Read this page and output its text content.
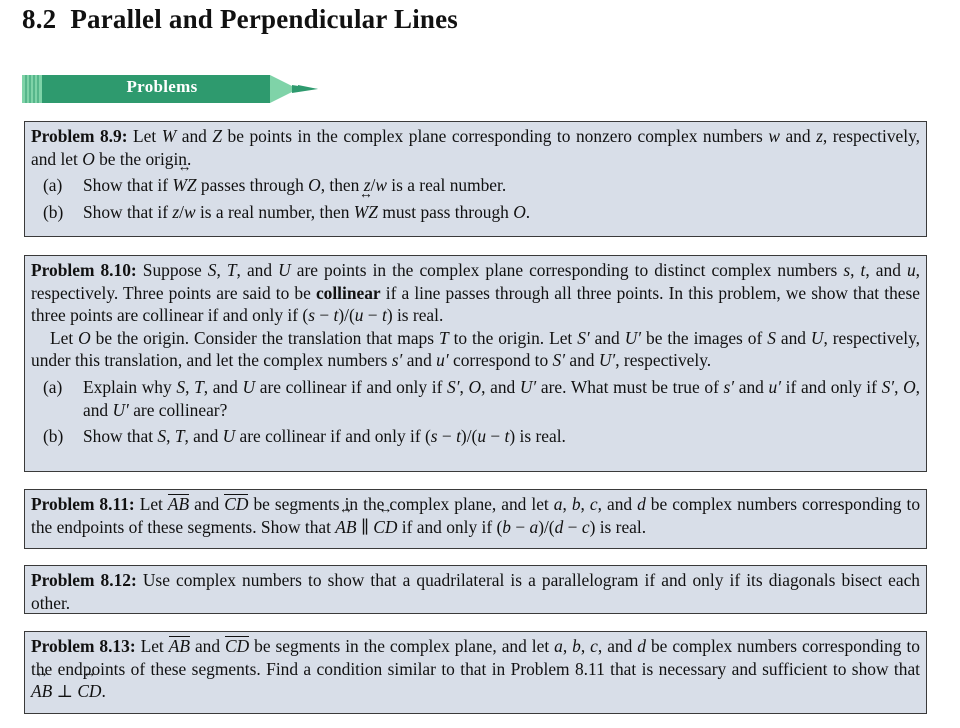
8.2 Parallel and Perpendicular Lines
Problems

Problem 8.9: Let W and Z be points in the complex plane corresponding to nonzero complex numbers w and z, respectively, and let O be the origin.

(a)	Show that if ↔ WZ passes through O, then z/w is a real number.
(b)	Show that if z/w is a real number, then ↔ WZ must pass through O.

Problem 8.10: Suppose S, T, and U are points in the complex plane corresponding to distinct complex numbers s, t, and u, respectively. Three points are said to be collinear if a line passes through all three points. In this problem, we show that these three points are collinear if and only if (s − t)/(u − t) is real.

Let O be the origin. Consider the translation that maps T to the origin. Let S′ and U′ be the images of S and U, respectively, under this translation, and let the complex numbers s′ and u′ correspond to S′ and U′, respectively.

(a)	Explain why S, T, and U are collinear if and only if S′, O, and U′ are. What must be true of s′ and u′ if and only if S′, O, and U′ are collinear?
(b)	Show that S, T, and U are collinear if and only if (s − t)/(u − t) is real.

Problem 8.11: Let AB and CD be segments in the complex plane, and let a, b, c, and d be complex numbers corresponding to the endpoints of these segments. Show that ↔ AB ∥ ↔ CD if and only if (b − a)/(d − c) is real.

Problem 8.12: Use complex numbers to show that a quadrilateral is a parallelogram if and only if its diagonals bisect each other.

Problem 8.13: Let AB and CD be segments in the complex plane, and let a, b, c, and d be complex numbers corresponding to the endpoints of these segments. Find a condition similar to that in Problem 8.11 that is necessary and sufficient to show that ↔ AB ⊥ ↔ CD.
